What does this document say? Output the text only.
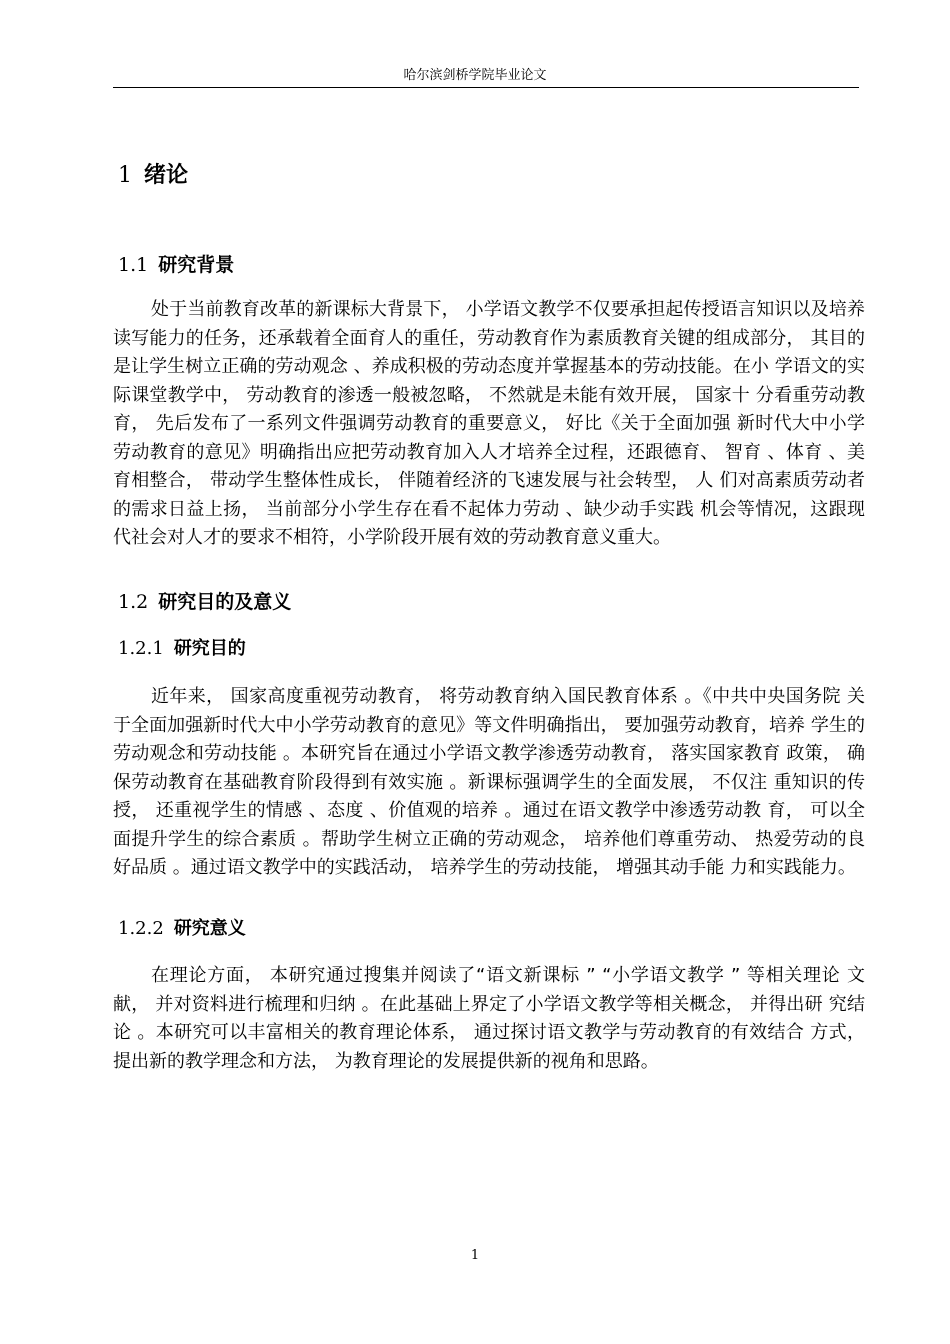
哈尔滨剑桥学院毕业论文
1 绪论
1.1 研究背景

处于当前教育改革的新课标大背景下， 小学语文教学不仅要承担起传授语言知识以及培养读写能力的任务，还承载着全面育人的重任，劳动教育作为素质教育关键的组成部分， 其目的是让学生树立正确的劳动观念 、养成积极的劳动态度并掌握基本的劳动技能。在小 学语文的实际课堂教学中， 劳动教育的渗透一般被忽略， 不然就是未能有效开展， 国家十 分看重劳动教育， 先后发布了一系列文件强调劳动教育的重要意义， 好比《关于全面加强 新时代大中小学劳动教育的意见》明确指出应把劳动教育加入人才培养全过程，还跟德育、 智育 、体育 、美育相整合， 带动学生整体性成长， 伴随着经济的飞速发展与社会转型， 人 们对高素质劳动者的需求日益上扬， 当前部分小学生存在看不起体力劳动 、缺少动手实践 机会等情况，这跟现代社会对人才的要求不相符，小学阶段开展有效的劳动教育意义重大。

1.2 研究目的及意义
1.2.1 研究目的

近年来， 国家高度重视劳动教育， 将劳动教育纳入国民教育体系 。《中共中央国务院 关于全面加强新时代大中小学劳动教育的意见》等文件明确指出， 要加强劳动教育，培养 学生的劳动观念和劳动技能 。本研究旨在通过小学语文教学渗透劳动教育， 落实国家教育 政策， 确保劳动教育在基础教育阶段得到有效实施 。新课标强调学生的全面发展， 不仅注 重知识的传授， 还重视学生的情感 、态度 、价值观的培养 。通过在语文教学中渗透劳动教 育， 可以全面提升学生的综合素质 。帮助学生树立正确的劳动观念， 培养他们尊重劳动、 热爱劳动的良好品质 。通过语文教学中的实践活动， 培养学生的劳动技能， 增强其动手能 力和实践能力。

1.2.2 研究意义

在理论方面， 本研究通过搜集并阅读了“语文新课标 ” “小学语文教学 ” 等相关理论 文献， 并对资料进行梳理和归纳 。在此基础上界定了小学语文教学等相关概念， 并得出研 究结论 。本研究可以丰富相关的教育理论体系， 通过探讨语文教学与劳动教育的有效结合 方式， 提出新的教学理念和方法， 为教育理论的发展提供新的视角和思路。

1
